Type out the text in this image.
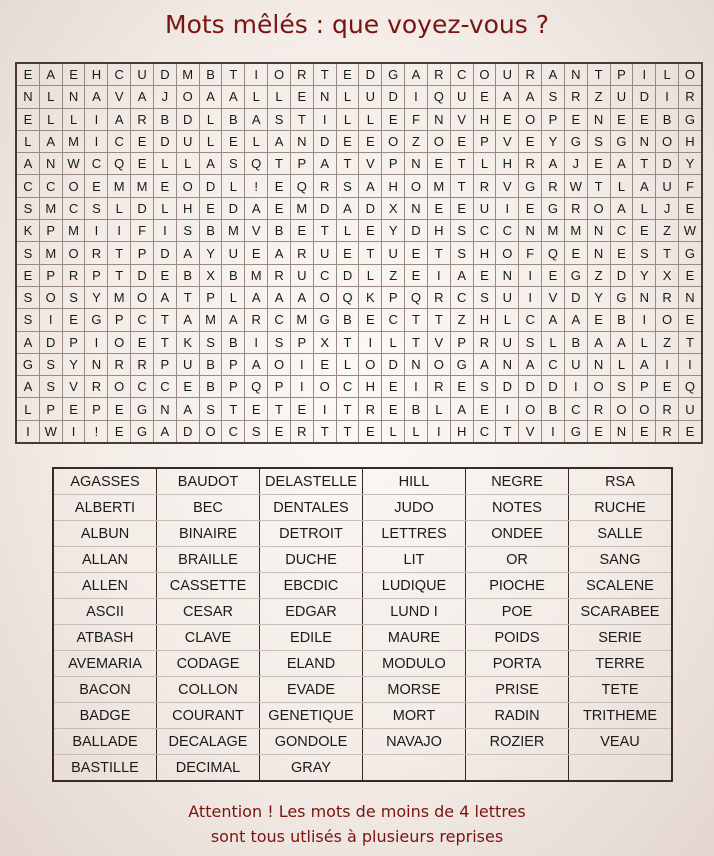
Mots mêlés : que voyez-vous ?
E	A	E	H	C	U	D	M	B	T	I	O	R	T	E	D	G	A	R	C	O	U	R	A	N	T	P	I	L	O
N	L	N	A	V	A	J	O	A	A	L	L	E	N	L	U	D	I	Q	U	E	A	A	S	R	Z	U	D	I	R
E	L	L	I	A	R	B	D	L	B	A	S	T	I	L	L	E	F	N	V	H	E	O	P	E	N	E	E	B	G
L	A	M	I	C	E	D	U	L	E	L	A	N	D	E	E	O	Z	O	E	P	V	E	Y	G	S	G	N	O	H
A	N	W	C	Q	E	L	L	A	S	Q	T	P	A	T	V	P	N	E	T	L	H	R	A	J	E	A	T	D	Y
C	C	O	E	M	M	E	O	D	L	!	E	Q	R	S	A	H	O	M	T	R	V	G	R	W	T	L	A	U	F
S	M	C	S	L	D	L	H	E	D	A	E	M	D	A	D	X	N	E	E	U	I	E	G	R	O	A	L	J	E
K	P	M	I	I	F	I	S	B	M	V	B	E	T	L	E	Y	D	H	S	C	C	N	M	M	N	C	E	Z	W
S	M	O	R	T	P	D	A	Y	U	E	A	R	U	E	T	U	E	T	S	H	O	F	Q	E	N	E	S	T	G
E	P	R	P	T	D	E	B	X	B	M	R	U	C	D	L	Z	E	I	A	E	N	I	E	G	Z	D	Y	X	E
S	O	S	Y	M	O	A	T	P	L	A	A	A	O	Q	K	P	Q	R	C	S	U	I	V	D	Y	G	N	R	N
S	I	E	G	P	C	T	A	M	A	R	C	M	G	B	E	C	T	T	Z	H	L	C	A	A	E	B	I	O	E
A	D	P	I	O	E	T	K	S	B	I	S	P	X	T	I	L	T	V	P	R	U	S	L	B	A	A	L	Z	T
G	S	Y	N	R	R	P	U	B	P	A	O	I	E	L	O	D	N	O	G	A	N	A	C	U	N	L	A	I	I
A	S	V	R	O	C	C	E	B	P	Q	P	I	O	C	H	E	I	R	E	S	D	D	D	I	O	S	P	E	Q
L	P	E	P	E	G	N	A	S	T	E	T	E	I	T	R	E	B	L	A	E	I	O	B	C	R	O	O	R	U
I	W	I	!	E	G	A	D	O	C	S	E	R	T	T	E	L	L	I	H	C	T	V	I	G	E	N	E	R	E
AGASSES	BAUDOT	DELASTELLE	HILL	NEGRE	RSA
ALBERTI	BEC	DENTALES	JUDO	NOTES	RUCHE
ALBUN	BINAIRE	DETROIT	LETTRES	ONDEE	SALLE
ALLAN	BRAILLE	DUCHE	LIT	OR	SANG
ALLEN	CASSETTE	EBCDIC	LUDIQUE	PIOCHE	SCALENE
ASCII	CESAR	EDGAR	LUND I	POE	SCARABEE
ATBASH	CLAVE	EDILE	MAURE	POIDS	SERIE
AVEMARIA	CODAGE	ELAND	MODULO	PORTA	TERRE
BACON	COLLON	EVADE	MORSE	PRISE	TETE
BADGE	COURANT	GENETIQUE	MORT	RADIN	TRITHEME
BALLADE	DECALAGE	GONDOLE	NAVAJO	ROZIER	VEAU
BASTILLE	DECIMAL	GRAY			
Attention ! Les mots de moins de 4 lettres
sont tous utlisés à plusieurs reprises
